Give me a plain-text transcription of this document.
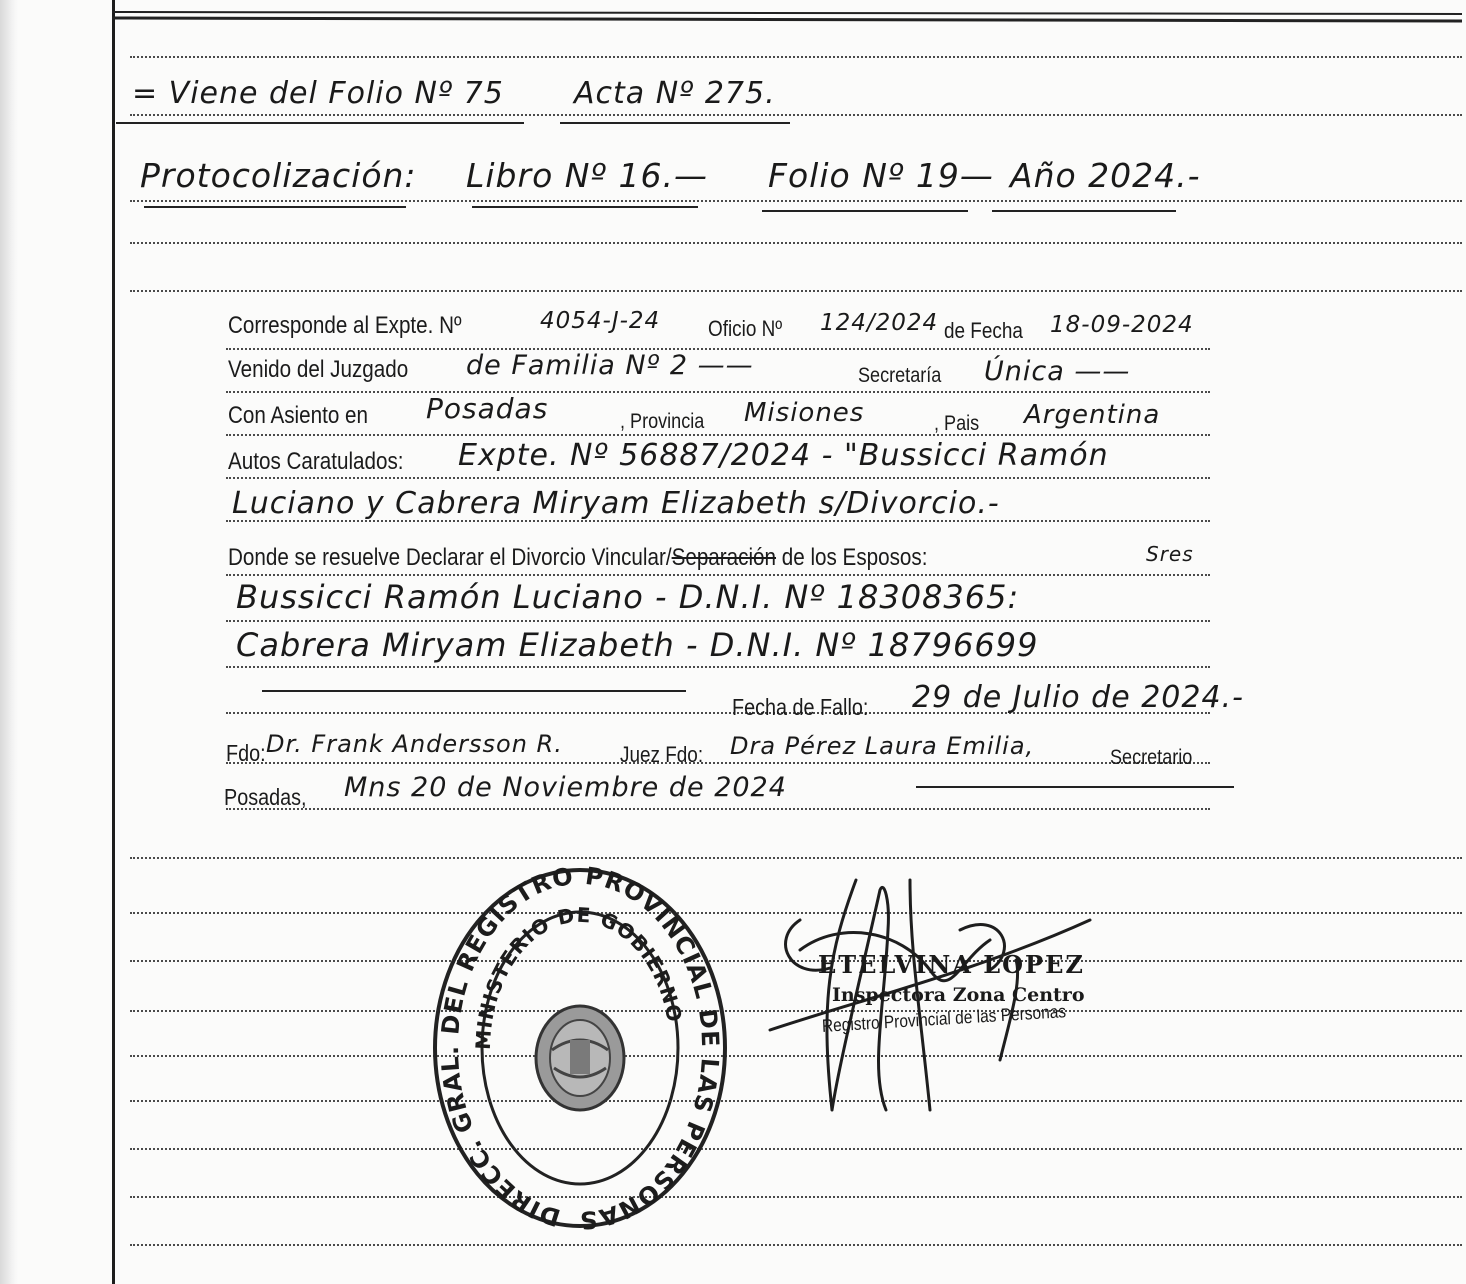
= Viene del Folio Nº 75 Acta Nº 275.
Protocolización: Libro Nº 16.— Folio Nº 19— Año 2024.-
Corresponde al Expte. Nº	4054-J-24 Oficio Nº 124/2024 de Fecha 18-09-2024
Venido del Juzgado de Familia Nº 2 ——	Secretaría Única ——
Con Asiento en Posadas	, Provincia Misiones	, Pais Argentina
Autos Caratulados: Expte. Nº 56887/2024 - "Bussicci Ramón
Luciano y Cabrera Miryam Elizabeth s/Divorcio.-
Donde se resuelve Declarar el Divorcio Vincular/Separación de los Esposos:	Sres
Bussicci Ramón Luciano - D.N.I. Nº 18308365:
Cabrera Miryam Elizabeth - D.N.I. Nº 18796699
Fecha de Fallo: 29 de Julio de 2024.-
Fdo: Dr. Frank Andersson R.	Juez Fdo: Dra Pérez Laura Emilia,	Secretario
Posadas, Mns 20 de Noviembre de 2024
DIRECC. GRAL. DEL REGISTRO PROVINCIAL DE LAS PERSONAS
MINISTERIO DE GOBIERNO
ETELVINA LOPEZ
Inspectora Zona Centro
Registro Provincial de las Personas
